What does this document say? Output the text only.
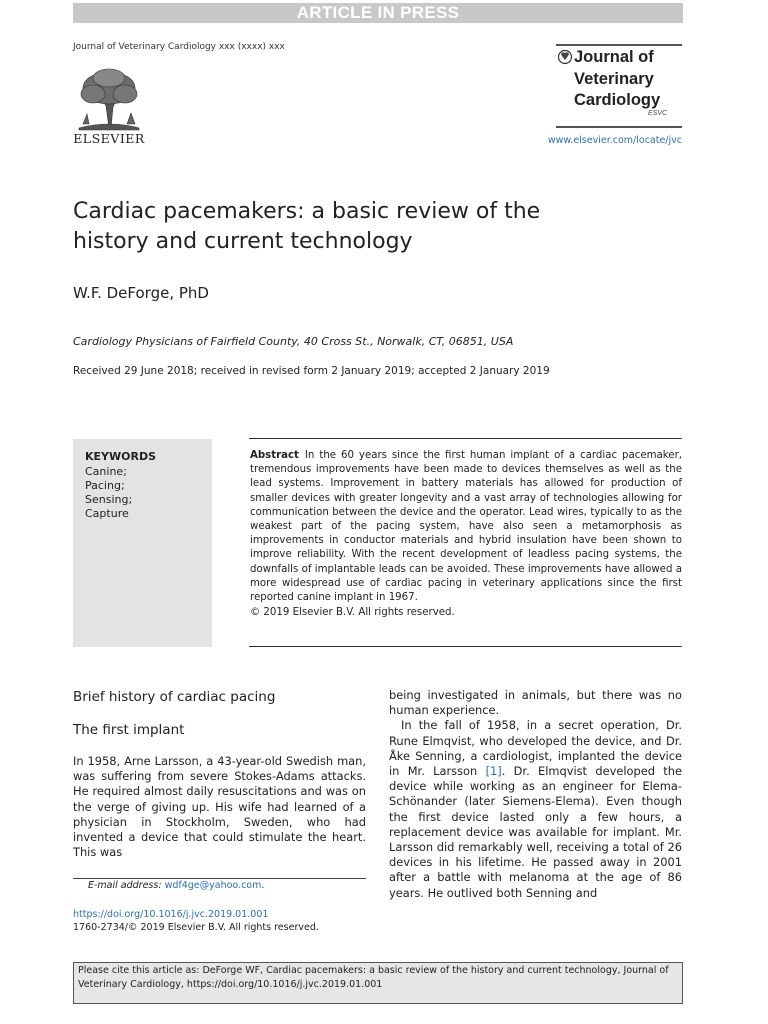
ARTICLE IN PRESS
Journal of Veterinary Cardiology xxx (xxxx) xxx
ELSEVIER
Journal of
Veterinary
Cardiology
ESVC
www.elsevier.com/locate/jvc
Cardiac pacemakers: a basic review of the
history and current technology
W.F. DeForge, PhD
Cardiology Physicians of Fairfield County, 40 Cross St., Norwalk, CT, 06851, USA
Received 29 June 2018; received in revised form 2 January 2019; accepted 2 January 2019
KEYWORDS
Canine;
Pacing;
Sensing;
Capture
Abstract In the 60 years since the first human implant of a cardiac pacemaker, tremendous improvements have been made to devices themselves as well as the lead systems. Improvement in battery materials has allowed for production of smaller devices with greater longevity and a vast array of technologies allowing for communication between the device and the operator. Lead wires, typically to as the weakest part of the pacing system, have also seen a metamorphosis as improvements in conductor materials and hybrid insulation have been shown to improve reliability. With the recent development of leadless pacing systems, the downfalls of implantable leads can be avoided. These improvements have allowed a more widespread use of cardiac pacing in veterinary applications since the first reported canine implant in 1967.
© 2019 Elsevier B.V. All rights reserved.
Brief history of cardiac pacing
The first implant
In 1958, Arne Larsson, a 43-year-old Swedish man, was suffering from severe Stokes-Adams attacks. He required almost daily resuscitations and was on the verge of giving up. His wife had learned of a physician in Stockholm, Sweden, who had invented a device that could stimulate the heart. This was
being investigated in animals, but there was no human experience.
In the fall of 1958, in a secret operation, Dr. Rune Elmqvist, who developed the device, and Dr. Åke Senning, a cardiologist, implanted the device in Mr. Larsson [1]. Dr. Elmqvist developed the device while working as an engineer for Elema-Schönander (later Siemens-Elema). Even though the first device lasted only a few hours, a replacement device was available for implant. Mr. Larsson did remarkably well, receiving a total of 26 devices in his lifetime. He passed away in 2001 after a battle with melanoma at the age of 86 years. He outlived both Senning and
E-mail address: wdf4ge@yahoo.com.
https://doi.org/10.1016/j.jvc.2019.01.001
1760-2734/© 2019 Elsevier B.V. All rights reserved.
Please cite this article as: DeForge WF, Cardiac pacemakers: a basic review of the history and current technology, Journal of Veterinary Cardiology, https://doi.org/10.1016/j.jvc.2019.01.001
